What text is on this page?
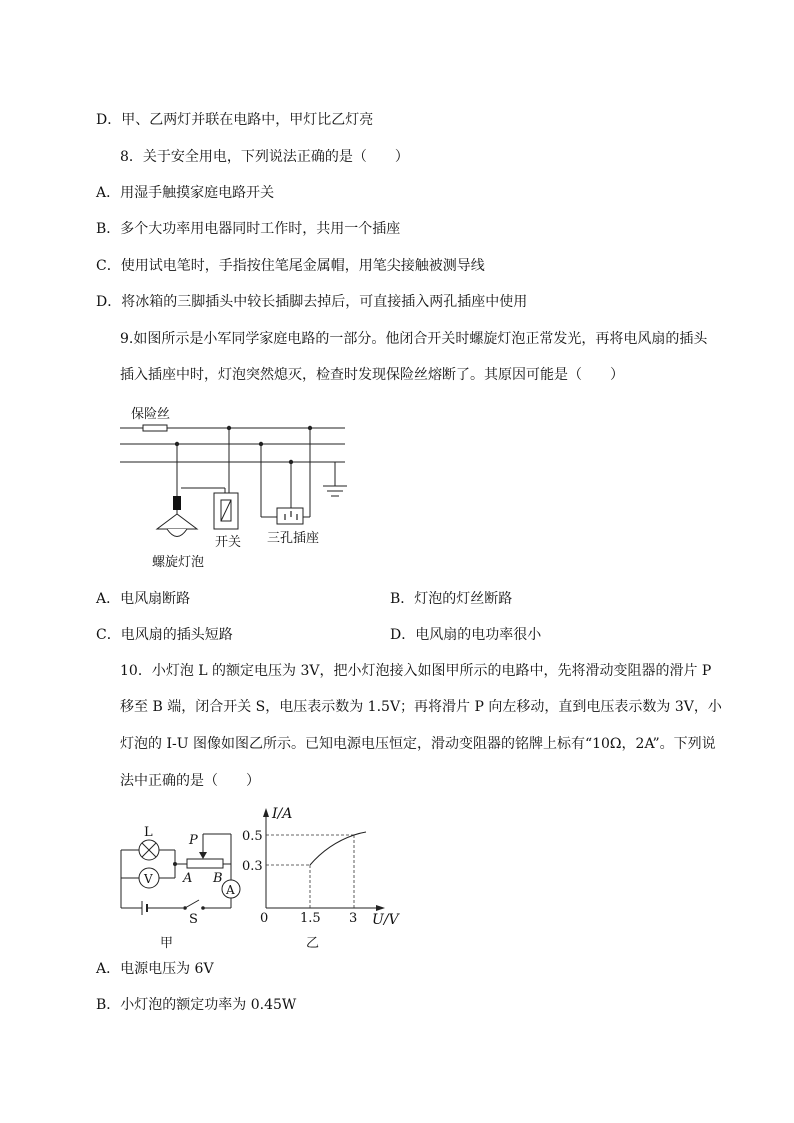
D．甲、乙两灯并联在电路中，甲灯比乙灯亮
8．关于安全用电，下列说法正确的是（　　）
A．用湿手触摸家庭电路开关
B．多个大功率用电器同时工作时，共用一个插座
C．使用试电笔时，手指按住笔尾金属帽，用笔尖接触被测导线
D．将冰箱的三脚插头中较长插脚去掉后，可直接插入两孔插座中使用
9.如图所示是小军同学家庭电路的一部分。他闭合开关时螺旋灯泡正常发光，再将电风扇的插头
插入插座中时，灯泡突然熄灭，检查时发现保险丝熔断了。其原因可能是（　　）
保险丝
开关 三孔插座
螺旋灯泡
A．电风扇断路	B．灯泡的灯丝断路
C．电风扇的插头短路	D．电风扇的电功率很小
10．小灯泡 L 的额定电压为 3V，把小灯泡接入如图甲所示的电路中，先将滑动变阻器的滑片 P
移至 B 端，闭合开关 S，电压表示数为 1.5V；再将滑片 P 向左移动，直到电压表示数为 3V，小
灯泡的 I-U 图像如图乙所示。已知电源电压恒定，滑动变阻器的铭牌上标有“10Ω，2A”。下列说
法中正确的是（　　）
L
V
P
A B
A
S
甲
I/A
0.5
0.3
0 1.5 3 U/V
乙
A．电源电压为 6V
B．小灯泡的额定功率为 0.45W
